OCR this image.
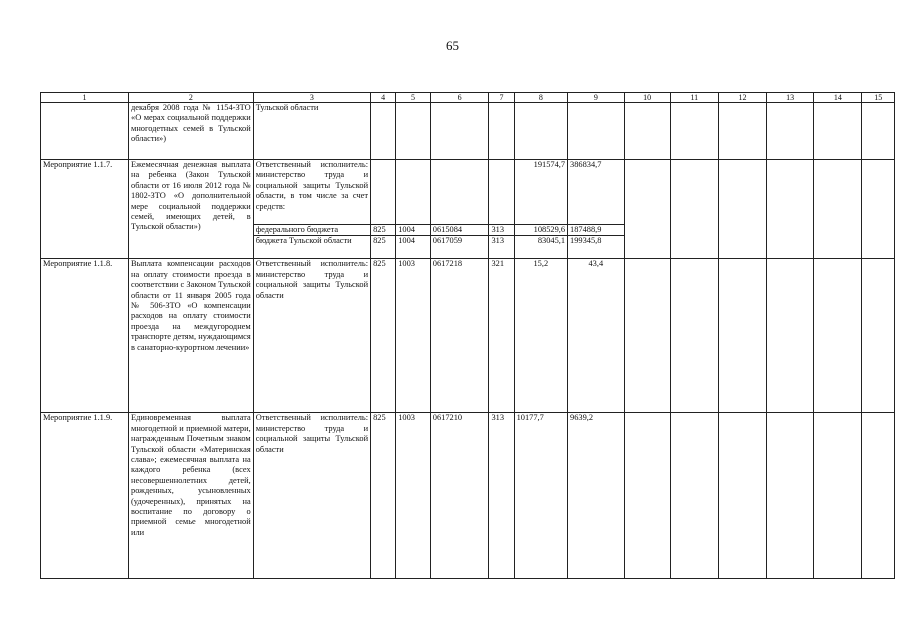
65
1	2	3	4	5	6	7	8	9	10	11	12	13	14	15
	декабря 2008 года № 1154-ЗТО «О мерах социальной поддержки многодетных семей в Тульской области»)	Тульской области												
Мероприятие 1.1.7.	Ежемесячная денежная выплата на ребенка (Закон Тульской области от 16 июля 2012 года № 1802-ЗТО «О дополнительной мере социальной поддержки семей, имеющих детей, в Тульской области»)	Ответственный исполнитель: министерство труда и социальной защиты Тульской области, в том числе за счет средств:					191574,7	386834,7						
		федерального бюджета	825	1004	0615084	313	108529,6	187488,9						
		бюджета Тульской области	825	1004	0617059	313	83045,1	199345,8						
Мероприятие 1.1.8.	Выплата компенсации расходов на оплату стоимости проезда в соответствии с Законом Тульской области от 11 января 2005 года № 506-ЗТО «О компенсации расходов на оплату стоимости проезда на междугороднем транспорте детям, нуждающимся в санаторно-курортном лечении»	Ответственный исполнитель: министерство труда и социальной защиты Тульской области	825	1003	0617218	321	15,2	43,4						
Мероприятие 1.1.9.	Единовременная выплата многодетной и приемной матери, награжденным Почетным знаком Тульской области «Материнская слава»; ежемесячная выплата на каждого ребенка (всех несовершеннолетних детей, рожденных, усыновленных (удочеренных), принятых на воспитание по договору о приемной семье многодетной или	Ответственный исполнитель: министерство труда и социальной защиты Тульской области	825	1003	0617210	313	10177,7	9639,2						
